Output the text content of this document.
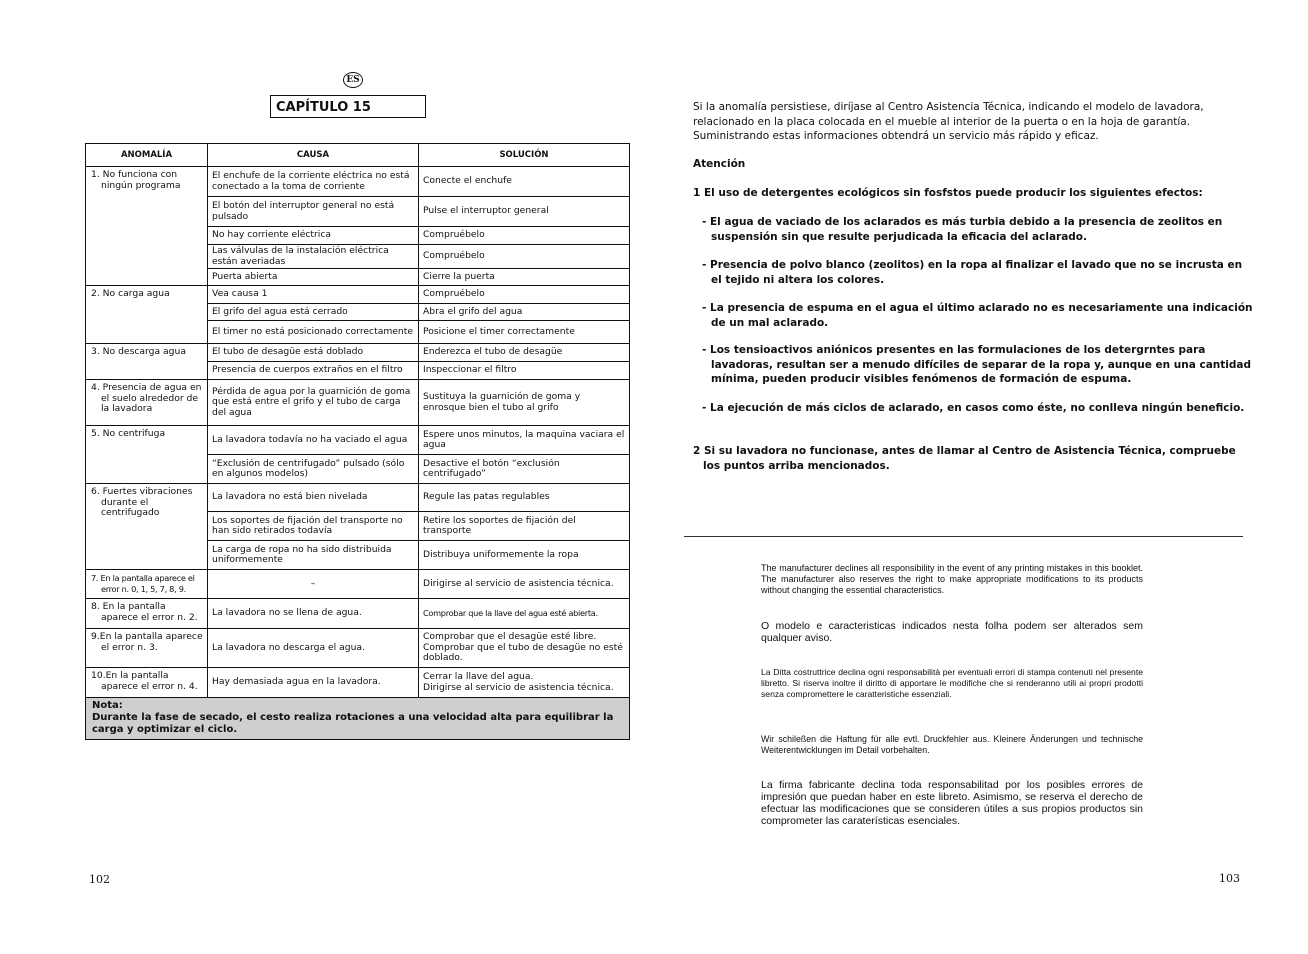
ES
CAPÍTULO 15
ANOMALÍA	CAUSA	SOLUCIÓN

1. No funciona con ningún programa	El enchufe de la corriente eléctrica no está conectado a la toma de corriente	Conecte el enchufe
	El botón del interruptor general no está pulsado	Pulse el interruptor general
	No hay corriente eléctrica	Compruébelo
	Las válvulas de la instalación eléctrica están averiadas	Compruébelo
	Puerta abierta	Cierre la puerta

2. No carga agua	Vea causa 1	Compruébelo
	El grifo del agua está cerrado	Abra el grifo del agua
	El timer no está posicionado correctamente	Posicione el timer correctamente

3. No descarga agua	El tubo de desagüe está doblado	Enderezca el tubo de desagüe
	Presencia de cuerpos extraños en el filtro	Inspeccionar el filtro

4. Presencia de agua en el suelo alrededor de la lavadora	Pérdida de agua por la guarnición de goma que está entre el grifo y el tubo de carga del agua	Sustituya la guarnición de goma y enrosque bien el tubo al grifo

5. No centrifuga	La lavadora todavía no ha vaciado el agua	Espere unos minutos, la maquina vaciara el agua
	“Exclusión de centrifugado” pulsado (sólo en algunos modelos)	Desactive el botón “exclusión centrifugado”

6. Fuertes vibraciones durante el centrifugado	La lavadora no está bien nivelada	Regule las patas regulables
	Los soportes de fijación del transporte no han sido retirados todavía	Retire los soportes de fijación del transporte
	La carga de ropa no ha sido distribuida uniformemente	Distribuya uniformemente la ropa

7. En la pantalla aparece el error n. 0, 1, 5, 7, 8, 9.	–	Dirigirse al servicio de asistencia técnica.

8. En la pantalla aparece el error n. 2.	La lavadora no se llena de agua.	Comprobar que la llave del agua esté abierta.

9.En la pantalla aparece el error n. 3.	La lavadora no descarga el agua.	Comprobar que el desagüe esté libre. Comprobar que el tubo de desagüe no esté doblado.

10.En la pantalla aparece el error n. 4.	Hay demasiada agua en la lavadora.	Cerrar la llave del agua.
Dirigirse al servicio de asistencia técnica.

Nota:
Durante la fase de secado, el cesto realiza rotaciones a una velocidad alta para equilibrar la carga y optimizar el ciclo.		
102
Si la anomalía persistiese, diríjase al Centro Asistencia Técnica, indicando el modelo de lavadora, relacionado en la placa colocada en el mueble al interior de la puerta o en la hoja de garantía. Suministrando estas informaciones obtendrá un servicio más rápido y eficaz.
Atención
1 El uso de detergentes ecológicos sin fosfstos puede producir los siguientes efectos:
- El agua de vaciado de los aclarados es más turbia debido a la presencia de zeolitos en suspensión sin que resulte perjudicada la eficacia del aclarado.
- Presencia de polvo blanco (zeolitos) en la ropa al finalizar el lavado que no se incrusta en el tejido ni altera los colores.
- La presencia de espuma en el agua el último aclarado no es necesariamente una indicación de un mal aclarado.
- Los tensioactivos aniónicos presentes en las formulaciones de los detergrntes para lavadoras, resultan ser a menudo difíciles de separar de la ropa y, aunque en una cantidad mínima, pueden producir visibles fenómenos de formación de espuma.
- La ejecución de más ciclos de aclarado, en casos como éste, no conlleva ningún beneficio.
2 Si su lavadora no funcionase, antes de llamar al Centro de Asistencia Técnica, compruebe los puntos arriba mencionados.
The manufacturer declines all responsibility in the event of any printing mistakes in this booklet. The manufacturer also reserves the right to make appropriate modifications to its products without changing the essential characteristics.
O modelo e caracteristicas indicados nesta folha podem ser alterados sem qualquer aviso.
La Ditta costruttrice declina ogni responsabilità per eventuali errori di stampa contenuti nel presente libretto. Si riserva inoltre il diritto di apportare le modifiche che si renderanno utili ai propri prodotti senza compromettere le caratteristiche essenziali.
Wir schileßen die Haftung für alle evtl. Druckfehler aus. Kleinere Änderungen und technische Weiterentwicklungen im Detail vorbehalten.
La firma fabricante declina toda responsabilitad por los posibles errores de impresión que puedan haber en este libreto. Asimismo, se reserva el derecho de efectuar las modificaciones que se consideren útiles a sus propios productos sin comprometer las caraterísticas esenciales.
103
